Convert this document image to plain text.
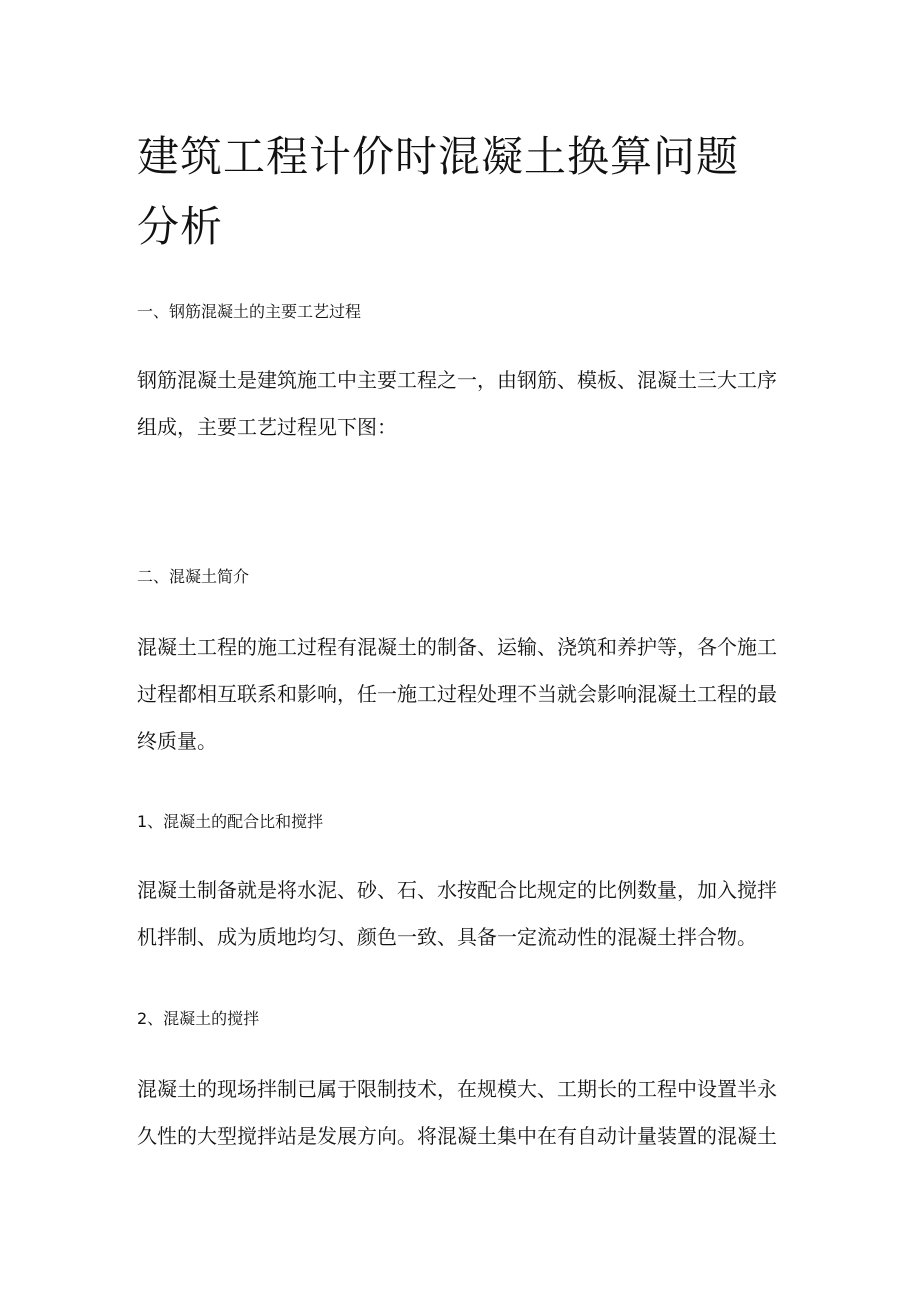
建筑工程计价时混凝土换算问题分析
一、钢筋混凝土的主要工艺过程

钢筋混凝土是建筑施工中主要工程之一，由钢筋、模板、混凝土三大工序组成，主要工艺过程见下图：

二、混凝土简介

混凝土工程的施工过程有混凝土的制备、运输、浇筑和养护等，各个施工过程都相互联系和影响，任一施工过程处理不当就会影响混凝土工程的最终质量。

1、混凝土的配合比和搅拌

混凝土制备就是将水泥、砂、石、水按配合比规定的比例数量，加入搅拌机拌制、成为质地均匀、颜色一致、具备一定流动性的混凝土拌合物。

2、混凝土的搅拌

混凝土的现场拌制已属于限制技术，在规模大、工期长的工程中设置半永久性的大型搅拌站是发展方向。将混凝土集中在有自动计量装置的混凝土
